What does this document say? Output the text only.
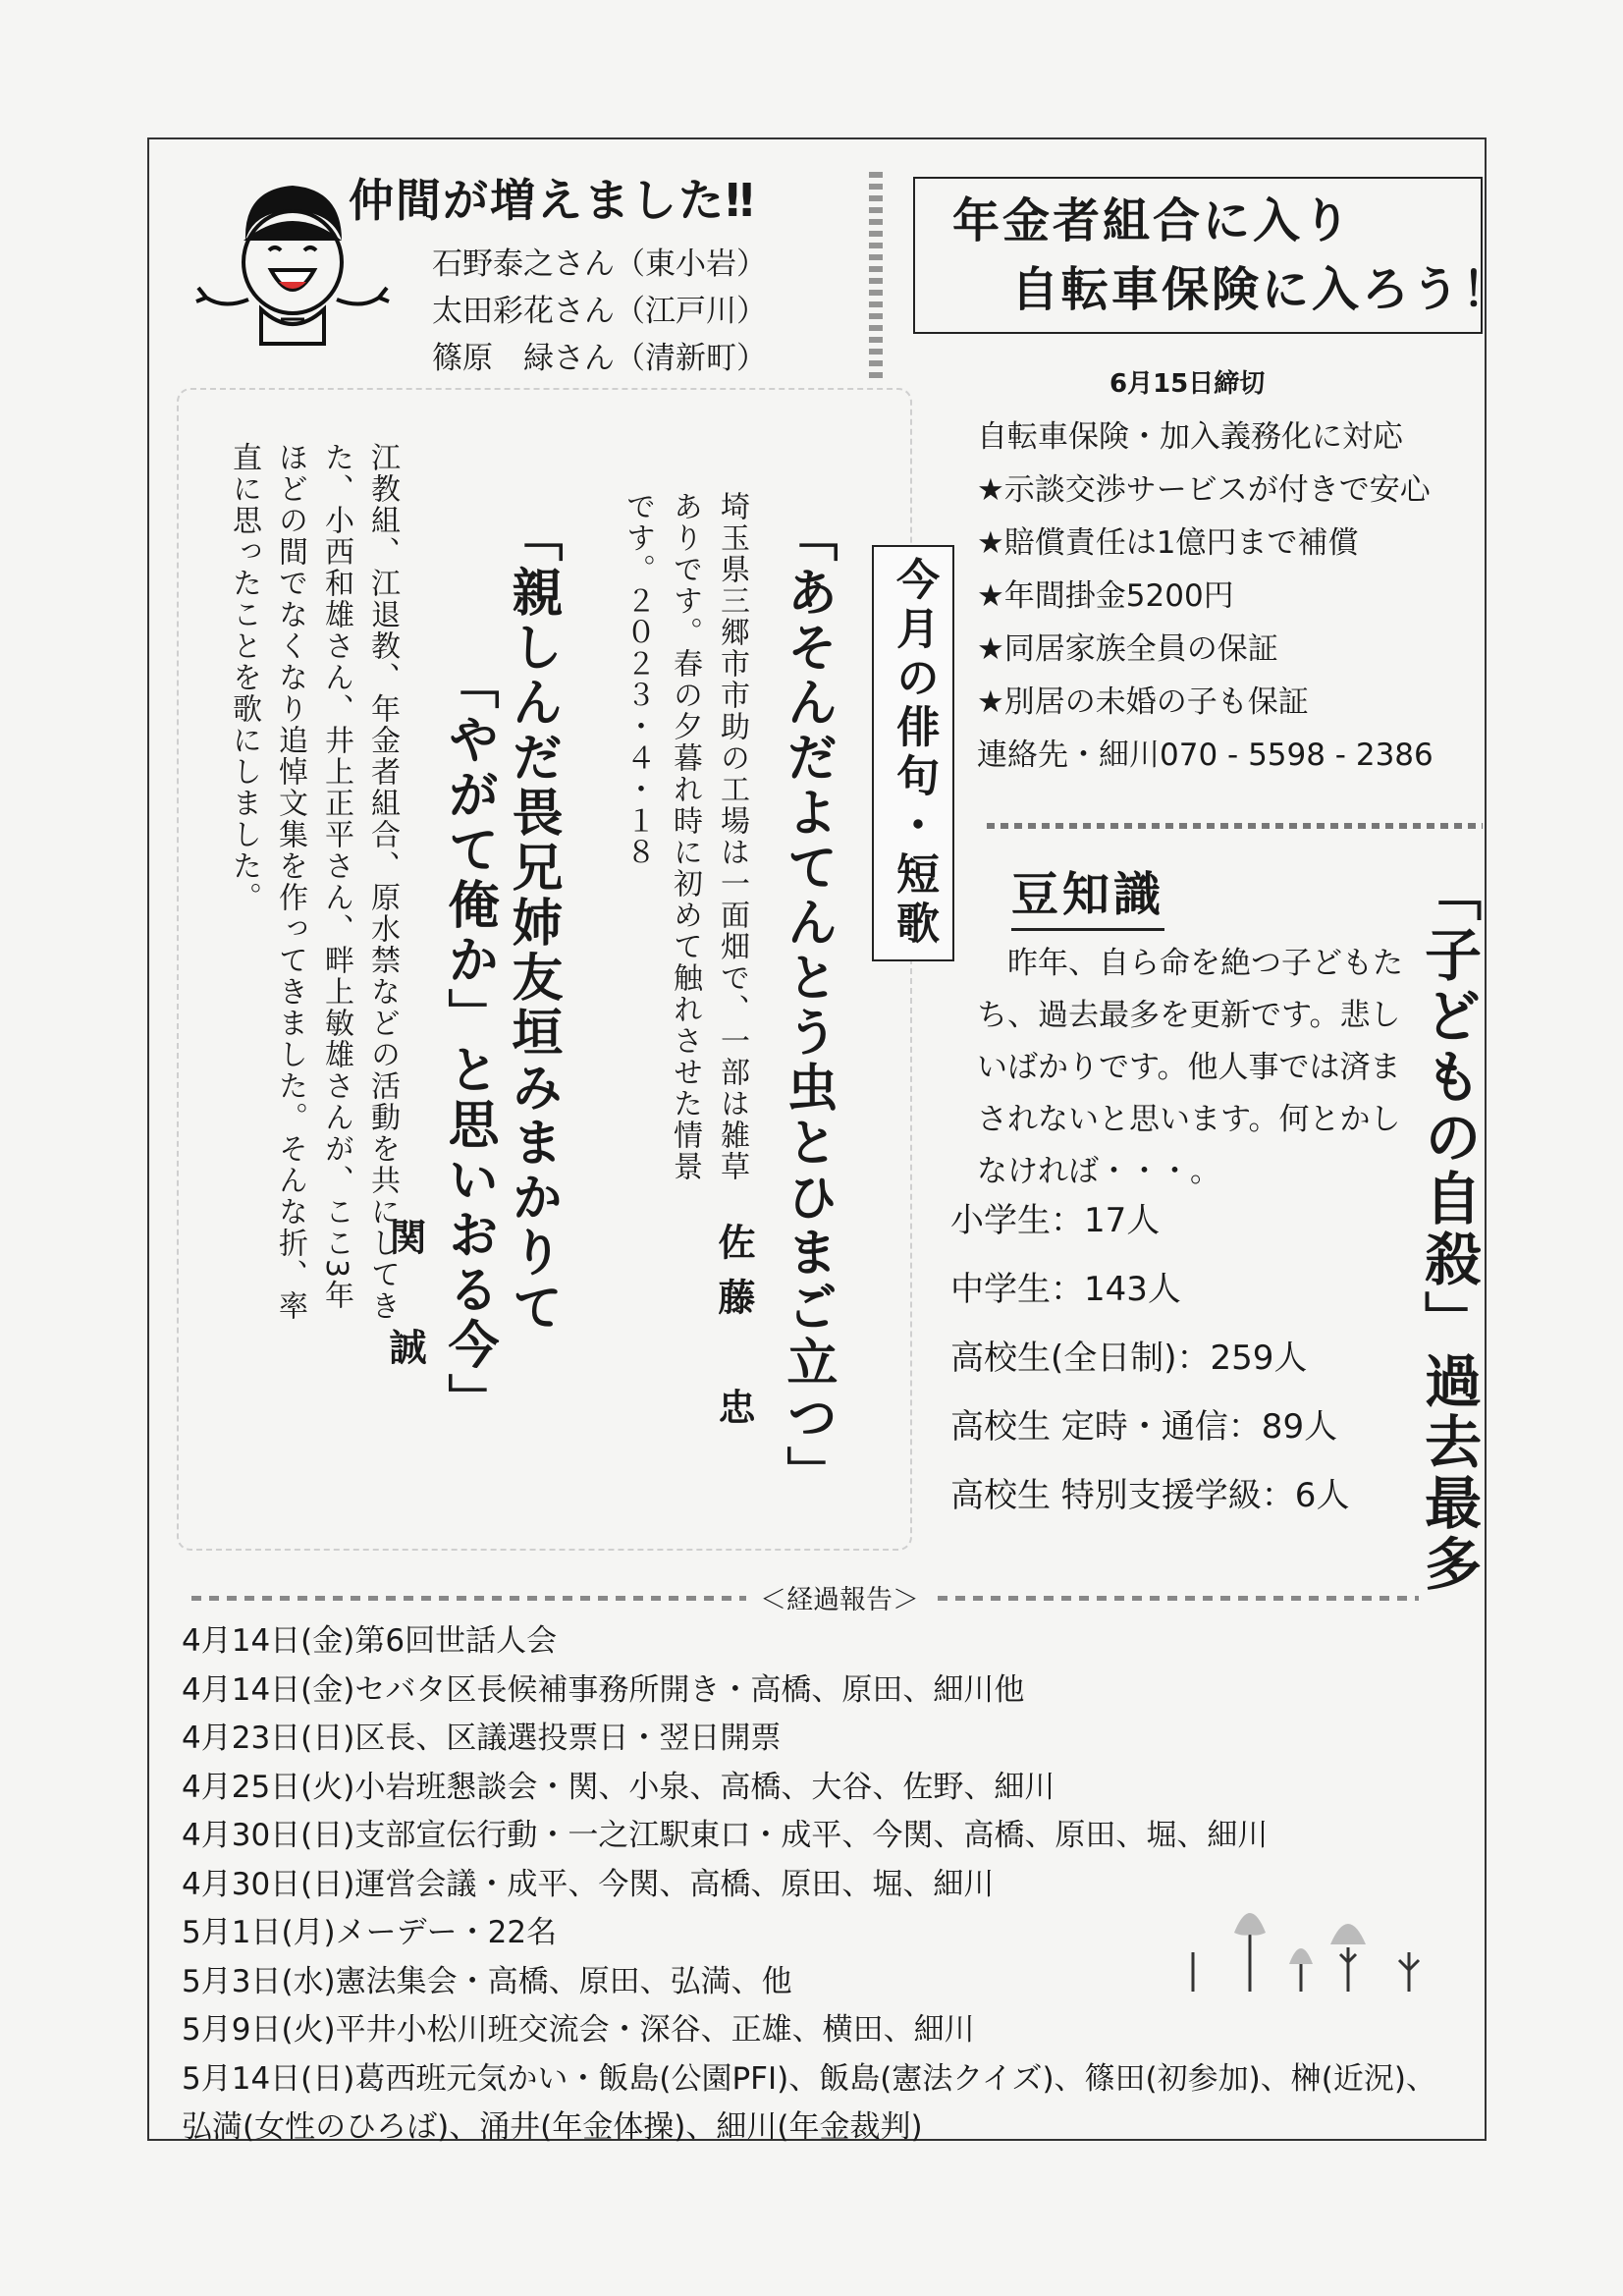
仲間が増えました‼
石野泰之さん（東小岩）
太田彩花さん（江戸川）
篠原　緑さん（清新町）
年金者組合に入り
自転車保険に入ろう！
6月15日締切
自転車保険・加入義務化に対応
★示談交渉サービスが付きで安心
★賠償責任は1億円まで補償
★年間掛金5200円
★同居家族全員の保証
★別居の未婚の子も保証
連絡先・細川070 - 5598 - 2386
豆知識
　昨年、自ら命を絶つ子どもたち、過去最多を更新です。悲しいばかりです。他人事では済まされないと思います。何とかしなければ・・・。
小学生：17人
中学生：143人
高校生(全日制)：259人
高校生 定時・通信：89人
高校生 特別支援学級：6人 「子どもの自殺」過去最多
今月の俳句・短歌
「あそんだよてんとう虫とひまご立つ」
佐藤　忠
埼玉県三郷市市助の工場は一面畑で、一部は雑草ありです。春の夕暮れ時に初めて触れさせた情景です。２０２３・４・１８
「親しんだ畏兄姉友垣みまかりて
「やがて俺か」と思いおる今」
関　誠
江教組、江退教、年金者組合、原水禁などの活動を共にしてきた、小西和雄さん、井上正平さん、畔上敏雄さんが、ここ3年ほどの間でなくなり追悼文集を作ってきました。そんな折、率直に思ったことを歌にしました。
＜経過報告＞
4月14日(金)第6回世話人会
4月14日(金)セバタ区長候補事務所開き・高橋、原田、細川他
4月23日(日)区長、区議選投票日・翌日開票
4月25日(火)小岩班懇談会・関、小泉、高橋、大谷、佐野、細川
4月30日(日)支部宣伝行動・一之江駅東口・成平、今関、高橋、原田、堀、細川
4月30日(日)運営会議・成平、今関、高橋、原田、堀、細川
5月1日(月)メーデー・22名
5月3日(水)憲法集会・高橋、原田、弘満、他
5月9日(火)平井小松川班交流会・深谷、正雄、横田、細川
5月14日(日)葛西班元気かい・飯島(公園PFI)、飯島(憲法クイズ)、篠田(初参加)、榊(近況)、
弘満(女性のひろば)、涌井(年金体操)、細川(年金裁判)
